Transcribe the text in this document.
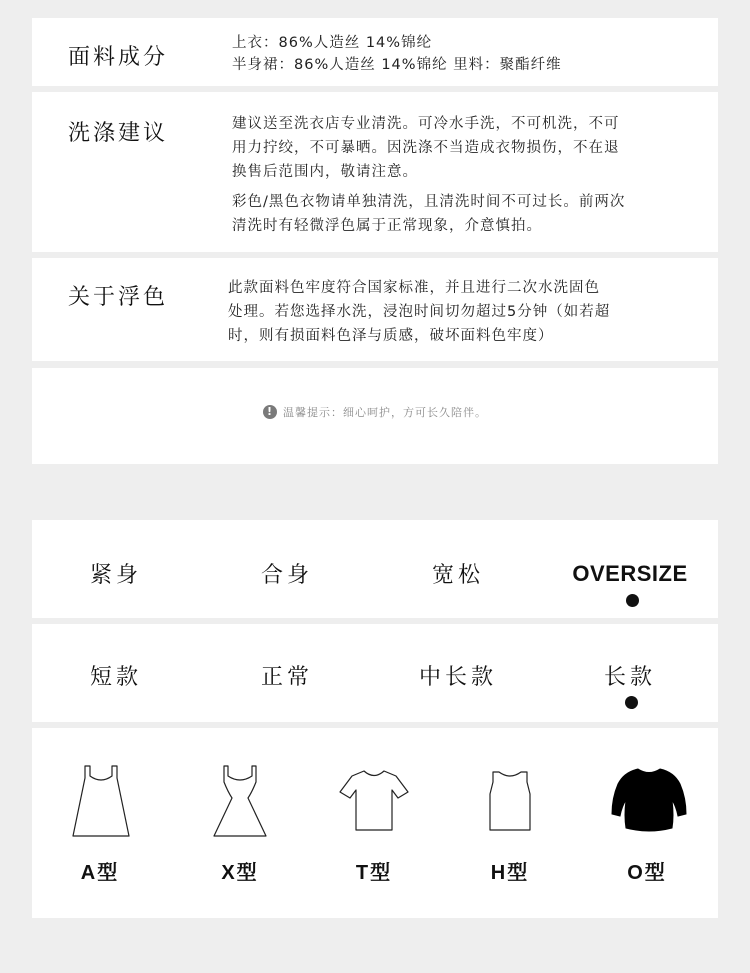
面料成分

上衣：86%人造丝 14%锦纶

半身裙：86%人造丝 14%锦纶 里料：聚酯纤维

洗涤建议	建议送至洗衣店专业清洗。可冷水手洗，不可机洗，不可

用力拧绞，不可暴晒。因洗涤不当造成衣物损伤，不在退

换售后范围内，敬请注意。

彩色/黑色衣物请单独清洗，且清洗时间不可过长。前两次

清洗时有轻微浮色属于正常现象，介意慎拍。

关于浮色	此款面料色牢度符合国家标准，并且进行二次水洗固色

处理。若您选择水洗，浸泡时间切勿超过5分钟（如若超

时，则有损面料色泽与质感，破坏面料色牢度）

! 温馨提示：细心呵护，方可长久陪伴。
紧身	合身	宽松	OVERSIZE
短款	正常	中长款	长款
A型	X型	T型	H型	O型
